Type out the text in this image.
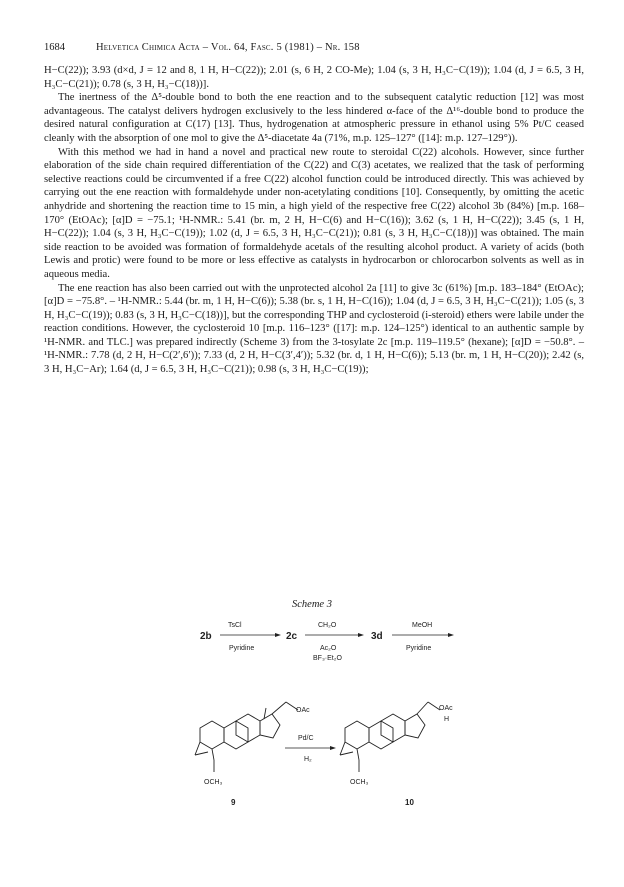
1684	Helvetica Chimica Acta – Vol. 64, Fasc. 5 (1981) – Nr. 158

H−C(22)); 3.93 (d×d, J = 12 and 8, 1 H, H−C(22)); 2.01 (s, 6 H, 2 CO-Me); 1.04 (s, 3 H, H₃C−C(19)); 1.04 (d, J = 6.5, 3 H, H₃C−C(21)); 0.78 (s, 3 H, H₃−C(18))].

The inertness of the Δ⁵-double bond to both the ene reaction and to the subsequent catalytic reduction [12] was most advantageous. The catalyst delivers hydrogen exclusively to the less hindered α-face of the Δ¹⁶-double bond to produce the desired natural configuration at C(17) [13]. Thus, hydrogenation at atmospheric pressure in ethanol using 5% Pt/C ceased cleanly with the absorption of one mol to give the Δ⁵-diacetate 4a (71%, m.p. 125–127° ([14]: m.p. 127–129°)).

With this method we had in hand a novel and practical new route to steroidal C(22) alcohols. However, since further elaboration of the side chain required differentiation of the C(22) and C(3) acetates, we realized that the task of performing selective reactions could be circumvented if a free C(22) alcohol function could be introduced directly. This was achieved by carrying out the ene reaction with formaldehyde under non-acetylating conditions [10]. Consequently, by omitting the acetic anhydride and shortening the reaction time to 15 min, a high yield of the respective free C(22) alcohol 3b (84%) [m.p. 168–170° (EtOAc); [α]D = −75.1; ¹H-NMR.: 5.41 (br. m, 2 H, H−C(6) and H−C(16)); 3.62 (s, 1 H, H−C(22)); 3.45 (s, 1 H, H−C(22)); 1.04 (s, 3 H, H₃C−C(19)); 1.02 (d, J = 6.5, 3 H, H₃C−C(21)); 0.81 (s, 3 H, H₃C−C(18))] was obtained. The main side reaction to be avoided was formation of formaldehyde acetals of the resulting alcohol product. A variety of acids (both Lewis and protic) were found to be more or less effective as catalysts in hydrocarbon or chlorocarbon solvents as well as in aqueous media.

The ene reaction has also been carried out with the unprotected alcohol 2a [11] to give 3c (61%) [m.p. 183–184° (EtOAc); [α]D = −75.8°. – ¹H-NMR.: 5.44 (br. m, 1 H, H−C(6)); 5.38 (br. s, 1 H, H−C(16)); 1.04 (d, J = 6.5, 3 H, H₃C−C(21)); 1.05 (s, 3 H, H₃C−C(19)); 0.83 (s, 3 H, H₃C−C(18))], but the corresponding THP and cyclosteroid (i-steroid) ethers were labile under the reaction conditions. However, the cyclosteroid 10 [m.p. 116–123° ([17]: m.p. 124–125°) identical to an authentic sample by ¹H-NMR. and TLC.] was prepared indirectly (Scheme 3) from the 3-tosylate 2c [m.p. 119–119.5° (hexane); [α]D = −50.8°. – ¹H-NMR.: 7.78 (d, 2 H, H−C(2′,6′)); 7.33 (d, 2 H, H−C(3′,4′)); 5.32 (br. d, 1 H, H−C(6)); 5.13 (br. m, 1 H, H−C(20)); 2.42 (s, 3 H, H₃C−Ar); 1.64 (d, J = 6.5, 3 H, H₃C−C(21)); 0.98 (s, 3 H, H₃C−C(19));

Scheme 3
2b
TsCl
Pyridine
2c
CH₂O
Ac₂O
BF₃·Et₂O
3d
MeOH
Pyridine
OAc
OCH₃
9
Pd/C
H₂
OAc
H
OCH₃
10
